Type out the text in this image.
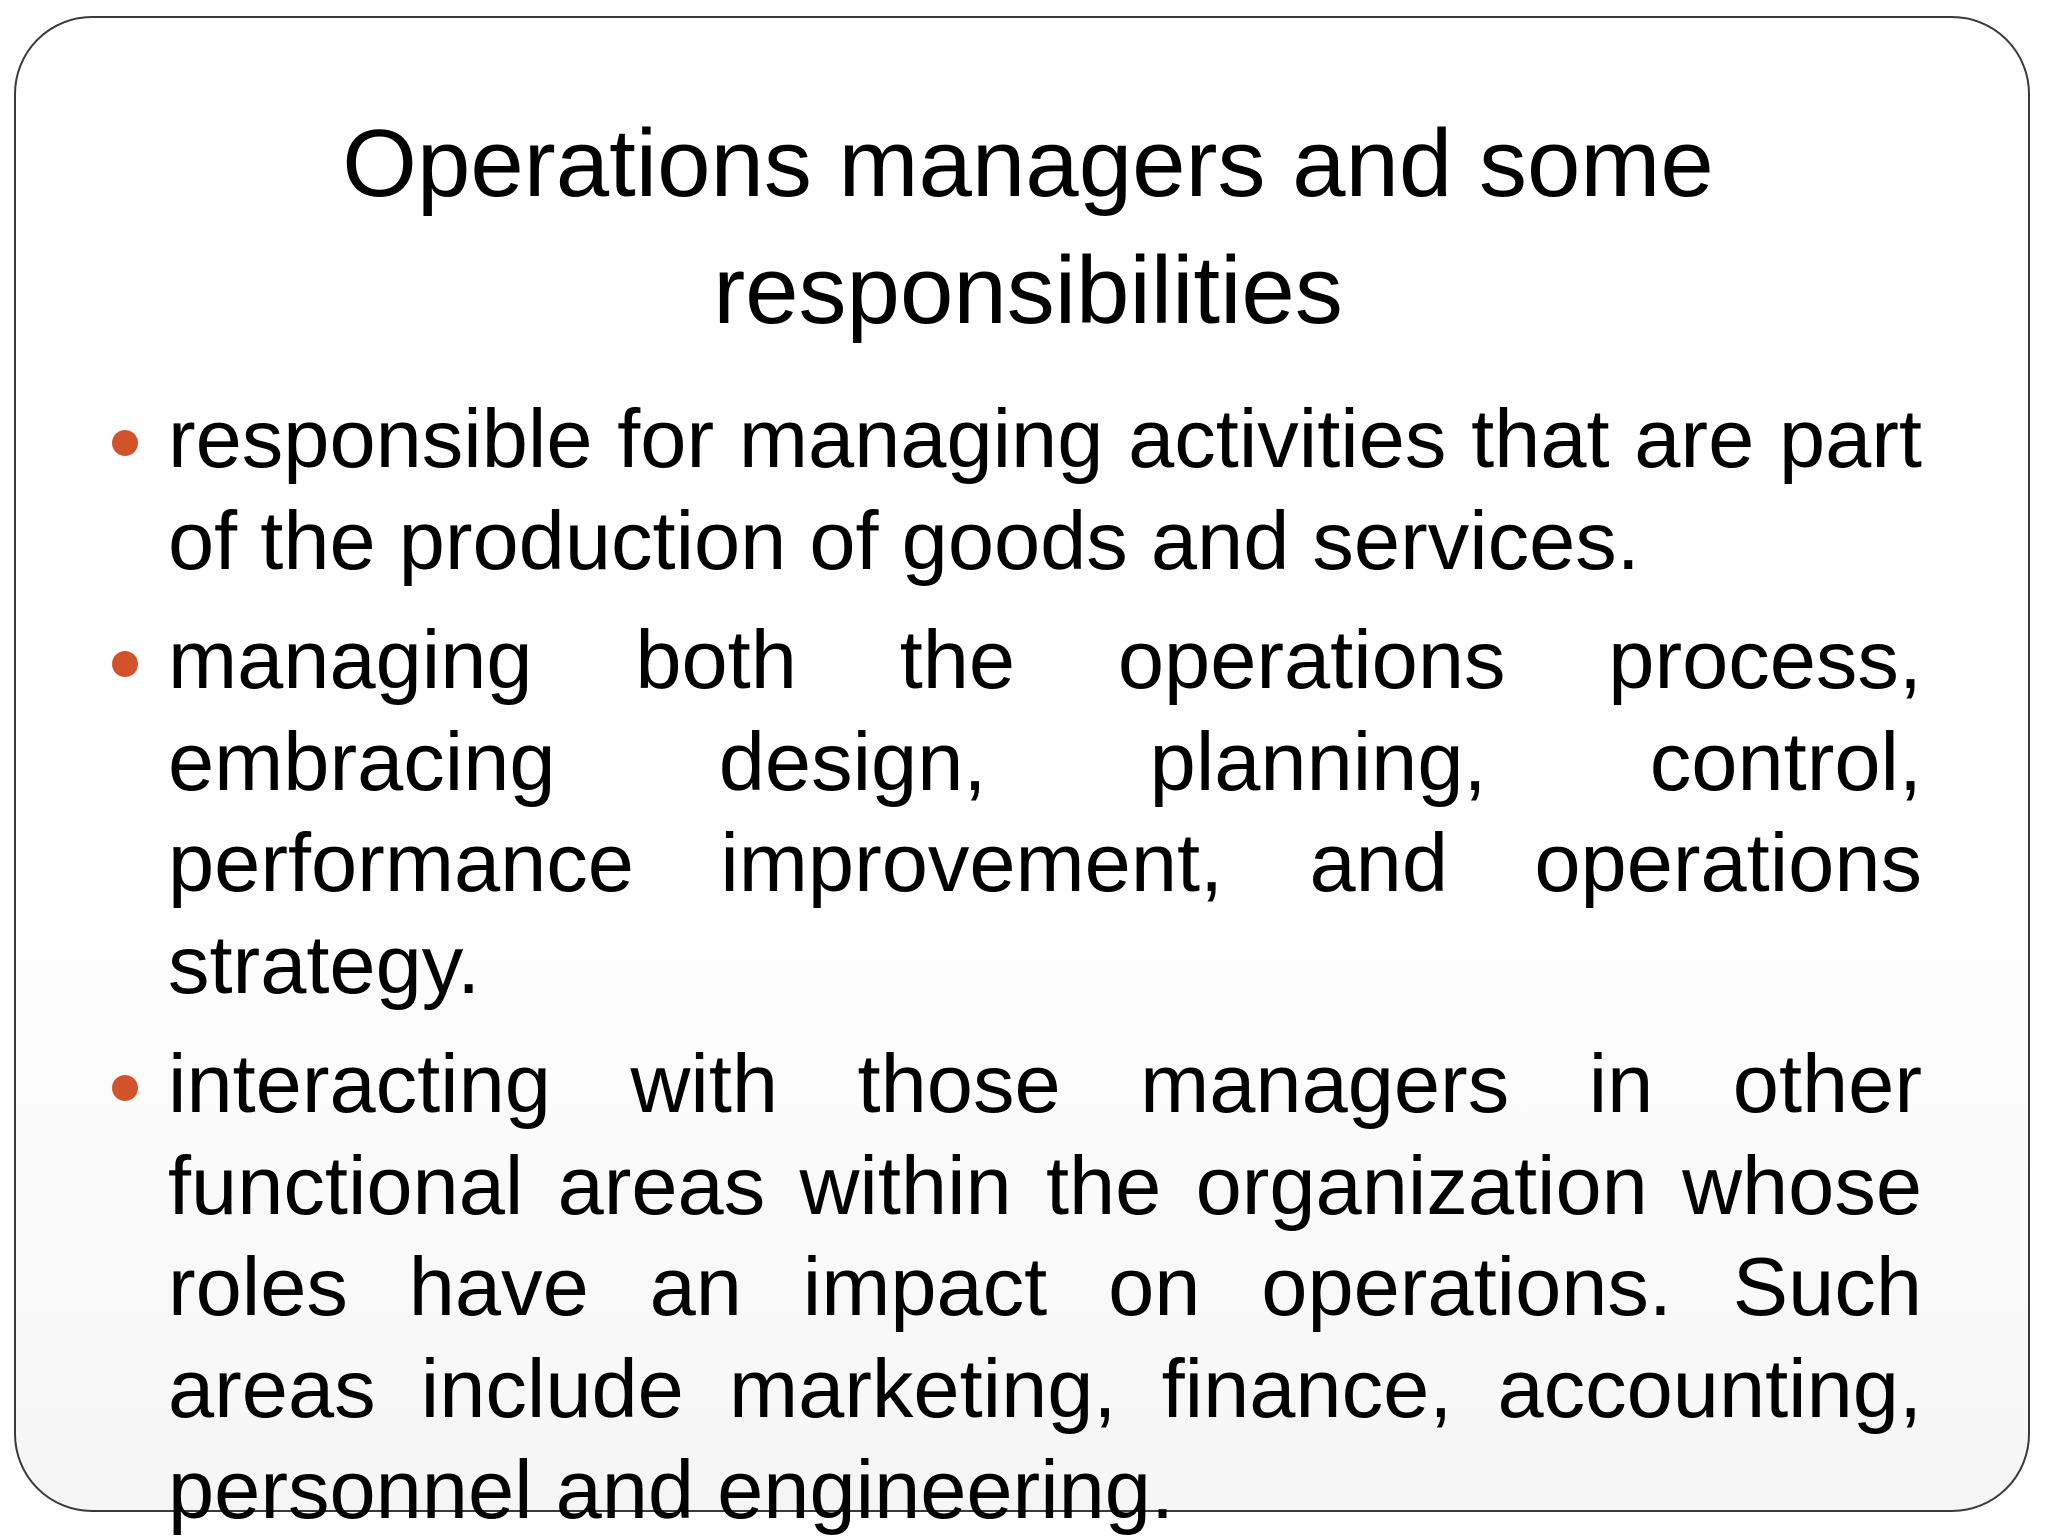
Operations managers and some responsibilities
responsible for managing activities that are part of the production of goods and services.
managing both the operations process, embracing design, planning, control, performance improvement, and operations strategy.
interacting with those managers in other functional areas within the organization whose roles have an impact on operations. Such areas include marketing, finance, accounting, personnel and engineering.
